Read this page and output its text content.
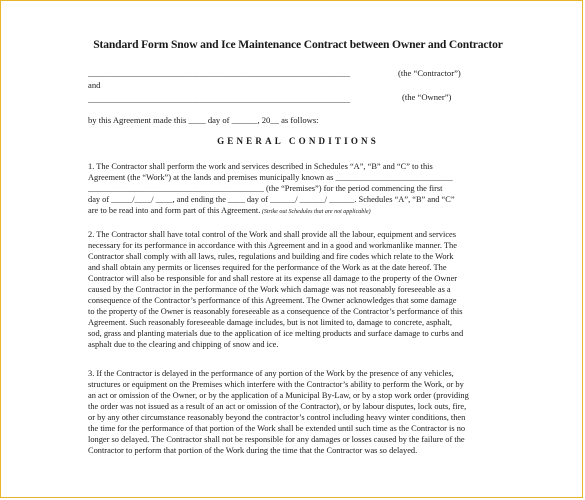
Standard Form Snow and Ice Maintenance Contract between Owner and Contractor
_____________________________________________________________	(the “Contractor”)
and
_____________________________________________________________	(the “Owner”)
by this Agreement made this ____ day of ______, 20__ as follows:
GENERAL CONDITIONS
1. The Contractor shall perform the work and services described in Schedules “A”, “B” and “C” to this
Agreement (the “Work”) at the lands and premises municipally known as ____________________________
__________________________________________ (the “Premises”) for the period commencing the first
day of _____/____/ ____, and ending the ____ day of ______/ ______/ ______. Schedules “A”, “B” and “C”
are to be read into and form part of this Agreement. (Strike out Schedules that are not applicable)
2. The Contractor shall have total control of the Work and shall provide all the labour, equipment and services
necessary for its performance in accordance with this Agreement and in a good and workmanlike manner. The
Contractor shall comply with all laws, rules, regulations and building and fire codes which relate to the Work
and shall obtain any permits or licenses required for the performance of the Work as at the date hereof. The
Contractor will also be responsible for and shall restore at its expense all damage to the property of the Owner
caused by the Contractor in the performance of the Work which damage was not reasonably foreseeable as a
consequence of the Contractor’s performance of this Agreement. The Owner acknowledges that some damage
to the property of the Owner is reasonably foreseeable as a consequence of the Contractor’s performance of this
Agreement. Such reasonably foreseeable damage includes, but is not limited to, damage to concrete, asphalt,
sod, grass and planting materials due to the application of ice melting products and surface damage to curbs and
asphalt due to the clearing and chipping of snow and ice.
3. If the Contractor is delayed in the performance of any portion of the Work by the presence of any vehicles,
structures or equipment on the Premises which interfere with the Contractor’s ability to perform the Work, or by
an act or omission of the Owner, or by the application of a Municipal By-Law, or by a stop work order (providing
the order was not issued as a result of an act or omission of the Contractor), or by labour disputes, lock outs, fire,
or by any other circumstance reasonably beyond the contractor’s control including heavy winter conditions, then
the time for the performance of that portion of the Work shall be extended until such time as the Contractor is no
longer so delayed. The Contractor shall not be responsible for any damages or losses caused by the failure of the
Contractor to perform that portion of the Work during the time that the Contractor was so delayed.
